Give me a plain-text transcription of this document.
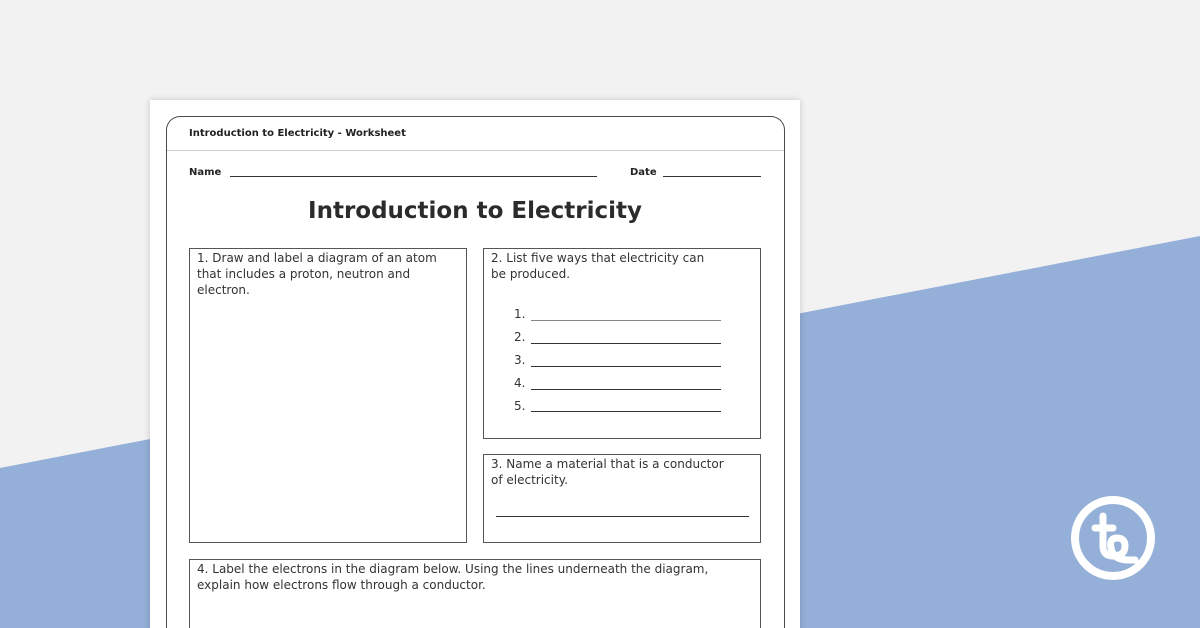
Introduction to Electricity - Worksheet
Name	Date
Introduction to Electricity
1. Draw and label a diagram of an atom
that includes a proton, neutron and
electron.
2. List five ways that electricity can
be produced.
1.
2.
3.
4.
5.
3. Name a material that is a conductor
of electricity.
4. Label the electrons in the diagram below. Using the lines underneath the diagram,
explain how electrons flow through a conductor.
